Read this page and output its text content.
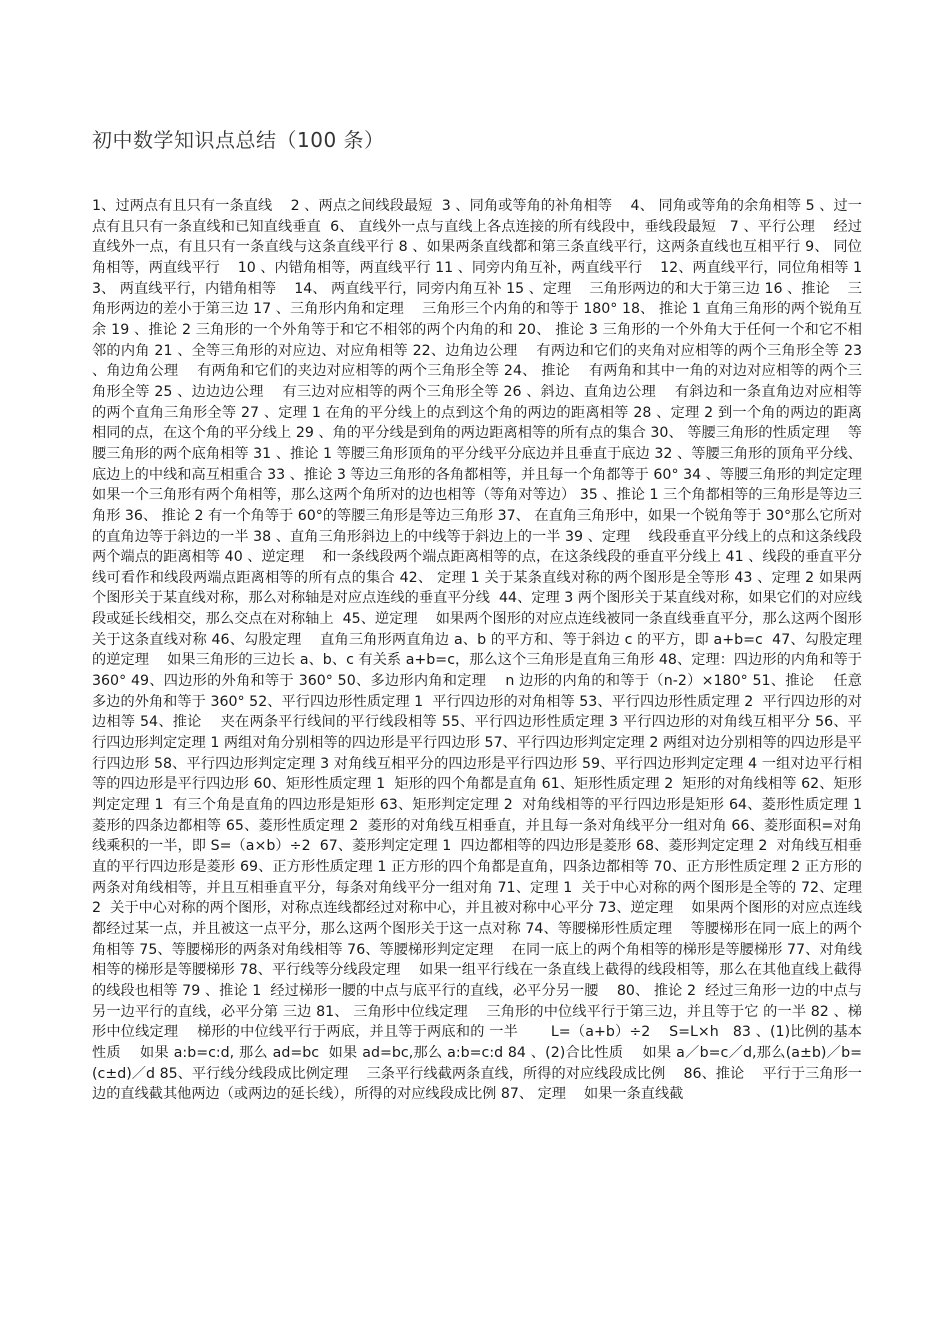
初中数学知识点总结（100 条）

1、过两点有且只有一条直线    2 、两点之间线段最短  3 、同角或等角的补角相等    4、 同角或等角的余角相等 5 、过一点有且只有一条直线和已知直线垂直  6、 直线外一点与直线上各点连接的所有线段中，垂线段最短   7 、平行公理    经过直线外一点，有且只有一条直线与这条直线平行 8 、如果两条直线都和第三条直线平行，这两条直线也互相平行 9、 同位角相等，两直线平行    10 、内错角相等，两直线平行 11 、同旁内角互补，两直线平行    12、两直线平行，同位角相等 13、 两直线平行，内错角相等    14、 两直线平行，同旁内角互补 15 、定理    三角形两边的和大于第三边 16 、推论    三角形两边的差小于第三边 17 、三角形内角和定理    三角形三个内角的和等于 180° 18、 推论 1 直角三角形的两个锐角互余 19 、推论 2 三角形的一个外角等于和它不相邻的两个内角的和 20、 推论 3 三角形的一个外角大于任何一个和它不相邻的内角 21 、全等三角形的对应边、对应角相等 22、边角边公理    有两边和它们的夹角对应相等的两个三角形全等 23 、角边角公理    有两角和它们的夹边对应相等的两个三角形全等 24、 推论    有两角和其中一角的对边对应相等的两个三角形全等 25 、边边边公理    有三边对应相等的两个三角形全等 26 、斜边、直角边公理    有斜边和一条直角边对应相等的两个直角三角形全等 27 、定理 1 在角的平分线上的点到这个角的两边的距离相等 28 、定理 2 到一个角的两边的距离相同的点，在这个角的平分线上 29 、角的平分线是到角的两边距离相等的所有点的集合 30、 等腰三角形的性质定理    等腰三角形的两个底角相等 31 、推论 1 等腰三角形顶角的平分线平分底边并且垂直于底边 32 、等腰三角形的顶角平分线、底边上的中线和高互相重合 33 、推论 3 等边三角形的各角都相等，并且每一个角都等于 60° 34 、等腰三角形的判定定理    如果一个三角形有两个角相等，那么这两个角所对的边也相等（等角对等边） 35 、推论 1 三个角都相等的三角形是等边三角形 36、 推论 2 有一个角等于 60°的等腰三角形是等边三角形 37、 在直角三角形中，如果一个锐角等于 30°那么它所对的直角边等于斜边的一半 38 、直角三角形斜边上的中线等于斜边上的一半 39 、定理    线段垂直平分线上的点和这条线段两个端点的距离相等 40 、逆定理    和一条线段两个端点距离相等的点，在这条线段的垂直平分线上 41 、线段的垂直平分线可看作和线段两端点距离相等的所有点的集合 42、 定理 1 关于某条直线对称的两个图形是全等形 43 、定理 2 如果两个图形关于某直线对称，那么对称轴是对应点连线的垂直平分线  44、定理 3 两个图形关于某直线对称，如果它们的对应线段或延长线相交，那么交点在对称轴上  45、逆定理    如果两个图形的对应点连线被同一条直线垂直平分，那么这两个图形关于这条直线对称 46、勾股定理    直角三角形两直角边 a、b 的平方和、等于斜边 c 的平方，即 a+b=c  47、勾股定理的逆定理    如果三角形的三边长 a、b、c 有关系 a+b=c，那么这个三角形是直角三角形 48、定理：四边形的内角和等于 360° 49、四边形的外角和等于 360° 50、多边形内角和定理    n 边形的内角的和等于（n-2）×180° 51、推论    任意多边的外角和等于 360° 52、平行四边形性质定理 1  平行四边形的对角相等 53、平行四边形性质定理 2  平行四边形的对边相等 54、推论    夹在两条平行线间的平行线段相等 55、平行四边形性质定理 3 平行四边形的对角线互相平分 56、平行四边形判定定理 1 两组对角分别相等的四边形是平行四边形 57、平行四边形判定定理 2 两组对边分别相等的四边形是平行四边形 58、平行四边形判定定理 3 对角线互相平分的四边形是平行四边形 59、平行四边形判定定理 4 一组对边平行相等的四边形是平行四边形 60、矩形性质定理 1  矩形的四个角都是直角 61、矩形性质定理 2  矩形的对角线相等 62、矩形判定定理 1  有三个角是直角的四边形是矩形 63、矩形判定定理 2  对角线相等的平行四边形是矩形 64、菱形性质定理 1 菱形的四条边都相等 65、菱形性质定理 2  菱形的对角线互相垂直，并且每一条对角线平分一组对角 66、菱形面积=对角线乘积的一半，即 S=（a×b）÷2  67、菱形判定定理 1  四边都相等的四边形是菱形 68、菱形判定定理 2  对角线互相垂直的平行四边形是菱形 69、正方形性质定理 1 正方形的四个角都是直角，四条边都相等 70、正方形性质定理 2 正方形的两条对角线相等，并且互相垂直平分，每条对角线平分一组对角 71、定理 1  关于中心对称的两个图形是全等的 72、定理 2  关于中心对称的两个图形，对称点连线都经过对称中心，并且被对称中心平分 73、逆定理    如果两个图形的对应点连线都经过某一点，并且被这一点平分，那么这两个图形关于这一点对称 74、等腰梯形性质定理    等腰梯形在同一底上的两个角相等 75、等腰梯形的两条对角线相等 76、等腰梯形判定定理    在同一底上的两个角相等的梯形是等腰梯形 77、对角线相等的梯形是等腰梯形 78、平行线等分线段定理    如果一组平行线在一条直线上截得的线段相等，那么在其他直线上截得的线段也相等 79 、推论 1  经过梯形一腰的中点与底平行的直线，必平分另一腰    80、 推论 2  经过三角形一边的中点与另一边平行的直线，必平分第 三边 81、 三角形中位线定理    三角形的中位线平行于第三边，并且等于它 的一半 82 、梯形中位线定理    梯形的中位线平行于两底，并且等于两底和的 一半       L=（a+b）÷2    S=L×h   83 、(1)比例的基本性质    如果 a:b=c:d, 那么 ad=bc  如果 ad=bc,那么 a:b=c:d 84 、(2)合比性质    如果 a／b=c／d,那么(a±b)／b=(c±d)／d 85、平行线分线段成比例定理    三条平行线截两条直线，所得的对应线段成比例    86、推论    平行于三角形一边的直线截其他两边（或两边的延长线），所得的对应线段成比例 87、 定理    如果一条直线截
